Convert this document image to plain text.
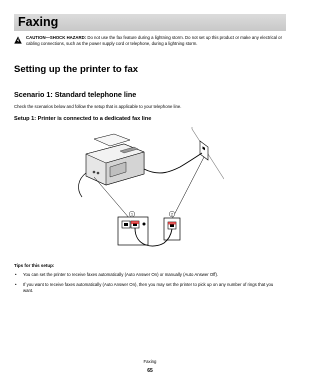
Faxing
CAUTION—SHOCK HAZARD: Do not use the fax feature during a lightning storm. Do not set up this product or make any electrical or cabling connections, such as the power supply cord or telephone, during a lightning storm.
Setting up the printer to fax
Scenario 1: Standard telephone line
Check the scenarios below and follow the setup that is applicable to your telephone line.
Setup 1: Printer is connected to a dedicated fax line
1	2
Tips for this setup:
• You can set the printer to receive faxes automatically (Auto Answer On) or manually (Auto Answer Off).
• If you want to receive faxes automatically (Auto Answer On), then you may set the printer to pick up on any number of rings that you want.
Faxing
65
